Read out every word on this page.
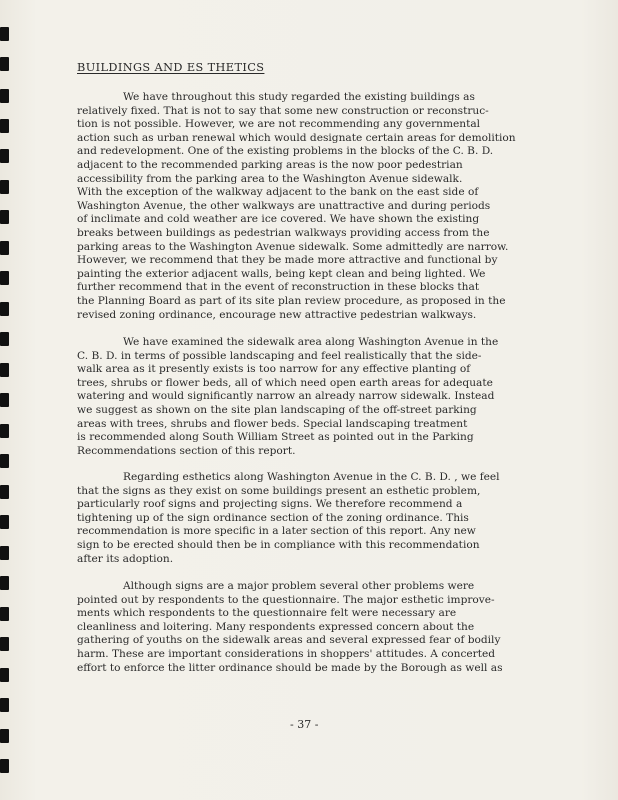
BUILDINGS AND ES THETICS
We have throughout this study regarded the existing buildings as
relatively fixed. That is not to say that some new construction or reconstruc-
tion is not possible. However, we are not recommending any governmental
action such as urban renewal which would designate certain areas for demolition
and redevelopment. One of the existing problems in the blocks of the C. B. D.
adjacent to the recommended parking areas is the now poor pedestrian
accessibility from the parking area to the Washington Avenue sidewalk.
With the exception of the walkway adjacent to the bank on the east side of
Washington Avenue, the other walkways are unattractive and during periods
of inclimate and cold weather are ice covered. We have shown the existing
breaks between buildings as pedestrian walkways providing access from the
parking areas to the Washington Avenue sidewalk. Some admittedly are narrow.
However, we recommend that they be made more attractive and functional by
painting the exterior adjacent walls, being kept clean and being lighted. We
further recommend that in the event of reconstruction in these blocks that
the Planning Board as part of its site plan review procedure, as proposed in the
revised zoning ordinance, encourage new attractive pedestrian walkways.
We have examined the sidewalk area along Washington Avenue in the
C. B. D. in terms of possible landscaping and feel realistically that the side-
walk area as it presently exists is too narrow for any effective planting of
trees, shrubs or flower beds, all of which need open earth areas for adequate
watering and would significantly narrow an already narrow sidewalk. Instead
we suggest as shown on the site plan landscaping of the off-street parking
areas with trees, shrubs and flower beds. Special landscaping treatment
is recommended along South William Street as pointed out in the Parking
Recommendations section of this report.
Regarding esthetics along Washington Avenue in the C. B. D. , we feel
that the signs as they exist on some buildings present an esthetic problem,
particularly roof signs and projecting signs. We therefore recommend a
tightening up of the sign ordinance section of the zoning ordinance. This
recommendation is more specific in a later section of this report. Any new
sign to be erected should then be in compliance with this recommendation
after its adoption.
Although signs are a major problem several other problems were
pointed out by respondents to the questionnaire. The major esthetic improve-
ments which respondents to the questionnaire felt were necessary are
cleanliness and loitering. Many respondents expressed concern about the
gathering of youths on the sidewalk areas and several expressed fear of bodily
harm. These are important considerations in shoppers' attitudes. A concerted
effort to enforce the litter ordinance should be made by the Borough as well as
- 37 -
